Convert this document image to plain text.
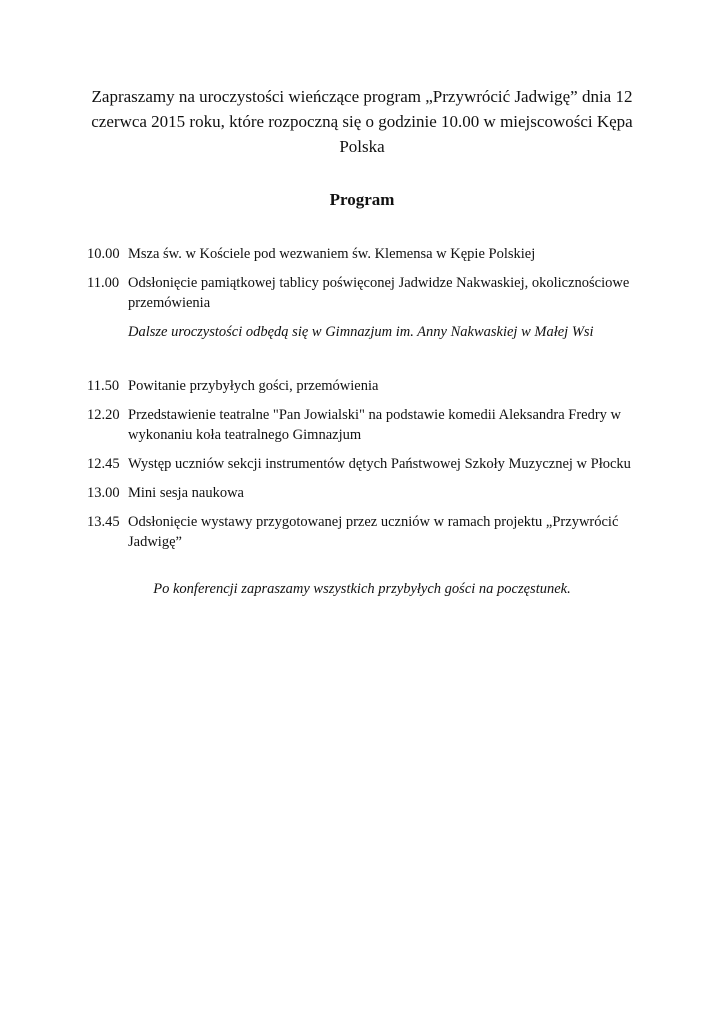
Zapraszamy na uroczystości wieńczące program „Przywrócić Jadwigę” dnia 12 czerwca 2015 roku, które rozpoczną się o godzinie 10.00 w miejscowości Kępa Polska

Program
10.00 Msza św. w Kościele pod wezwaniem św. Klemensa w Kępie Polskiej
11.00 Odsłonięcie pamiątkowej tablicy poświęconej Jadwidze Nakwaskiej, okolicznościowe przemówienia
Dalsze uroczystości odbędą się w Gimnazjum im. Anny Nakwaskiej w Małej Wsi
11.50 Powitanie przybyłych gości, przemówienia
12.20 Przedstawienie teatralne "Pan Jowialski" na podstawie komedii Aleksandra Fredry w wykonaniu koła teatralnego Gimnazjum
12.45 Występ uczniów sekcji instrumentów dętych Państwowej Szkoły Muzycznej w Płocku
13.00 Mini sesja naukowa
13.45 Odsłonięcie wystawy przygotowanej przez uczniów w ramach projektu „Przywrócić Jadwigę”
Po konferencji zapraszamy wszystkich przybyłych gości na poczęstunek.
